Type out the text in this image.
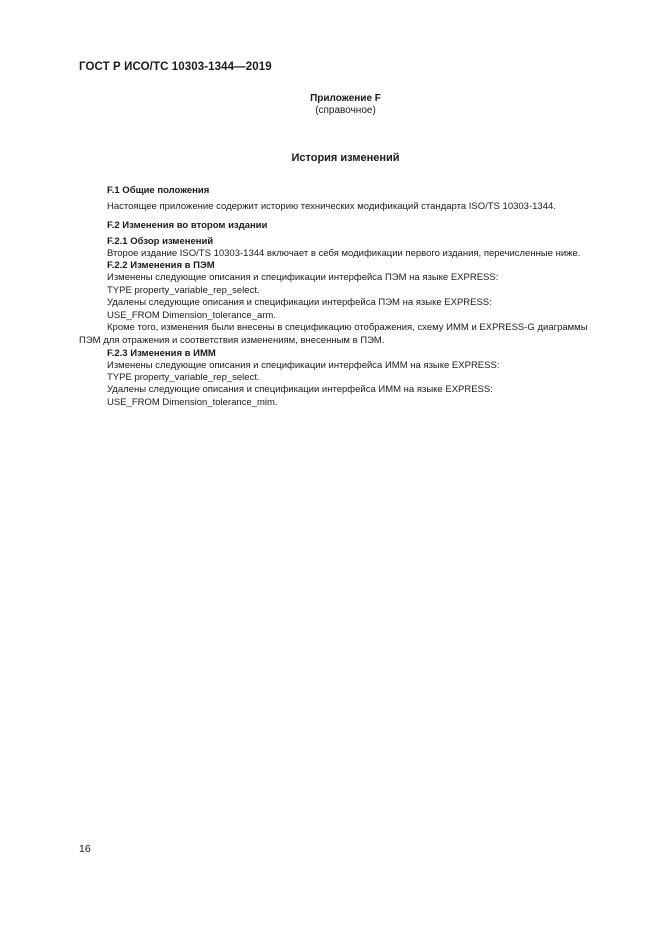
ГОСТ Р ИСО/ТС 10303-1344—2019
Приложение F
(справочное)
История изменений
F.1 Общие положения
Настоящее приложение содержит историю технических модификаций стандарта ISO/TS 10303-1344.
F.2 Изменения во втором издании
F.2.1 Обзор изменений
Второе издание ISO/TS 10303-1344 включает в себя модификации первого издания, перечисленные ниже.
F.2.2 Изменения в ПЭМ
Изменены следующие описания и спецификации интерфейса ПЭМ на языке EXPRESS:
TYPE property_variable_rep_select.
Удалены следующие описания и спецификации интерфейса ПЭМ на языке EXPRESS:
USE_FROM Dimension_tolerance_arm.
Кроме того, изменения были внесены в спецификацию отображения, схему ИММ и EXPRESS-G диаграммы
ПЭМ для отражения и соответствия изменениям, внесенным в ПЭМ.
F.2.3 Изменения в ИММ
Изменены следующие описания и спецификации интерфейса ИММ на языке EXPRESS:
TYPE property_variable_rep_select.
Удалены следующие описания и спецификации интерфейса ИММ на языке EXPRESS:
USE_FROM Dimension_tolerance_mim.
16
